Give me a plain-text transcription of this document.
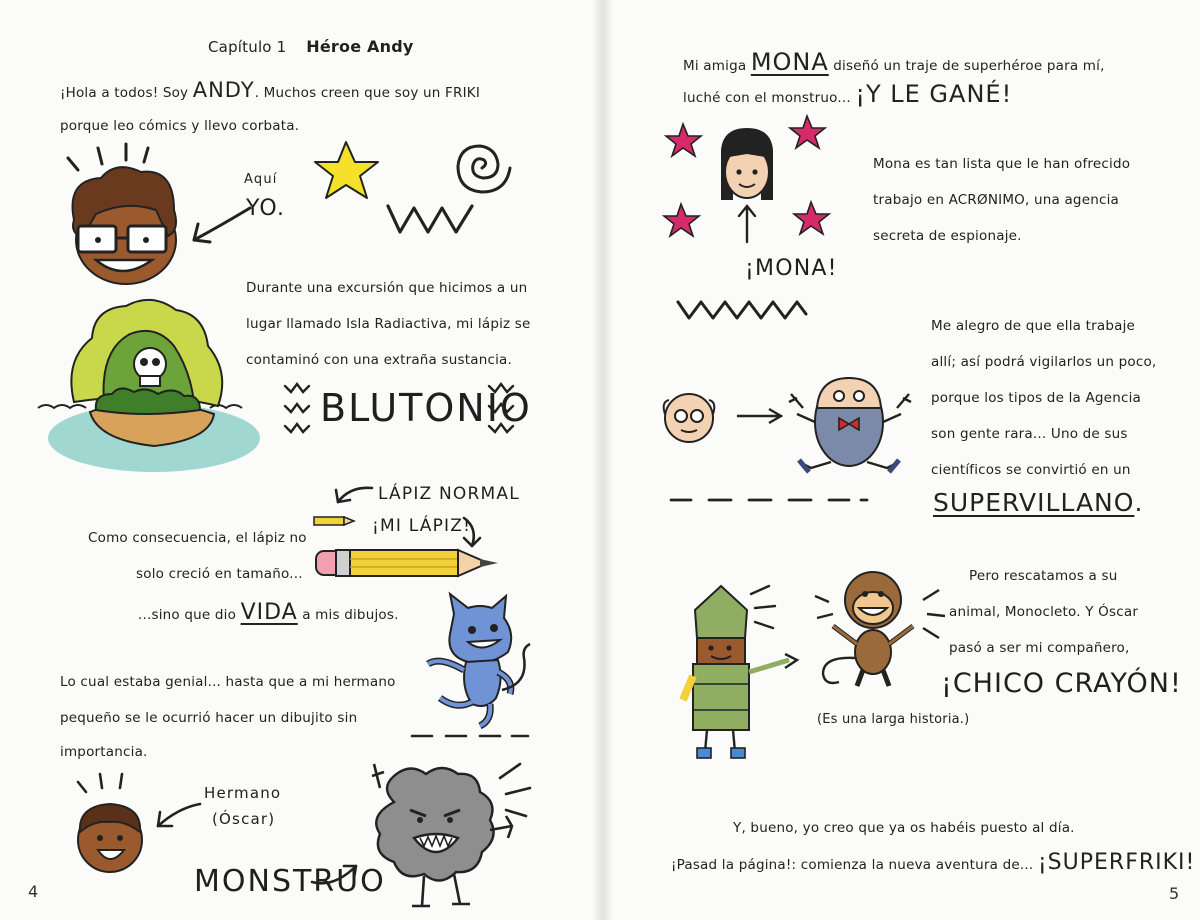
Capítulo 1 Héroe Andy
¡Hola a todos! Soy ANDY. Muchos creen que soy un FRIKI
porque leo cómics y llevo corbata.
Aquí
YO.
Durante una excursión que hicimos a un
lugar llamado Isla Radiactiva, mi lápiz se
contaminó con una extraña sustancia.
BLUTONIO
LÁPIZ NORMAL
¡MI LÁPIZ!
Como consecuencia, el lápiz no
solo creció en tamaño...
...sino que dio VIDA a mis dibujos.
Lo cual estaba genial... hasta que a mi hermano
pequeño se le ocurrió hacer un dibujito sin
importancia.
Hermano
(Óscar)
MONSTRUO
4
Mi amiga MONA diseñó un traje de superhéroe para mí,
luché con el monstruo... ¡Y LE GANÉ!
¡MONA!
Mona es tan lista que le han ofrecido
trabajo en ACRØNIMO, una agencia
secreta de espionaje.
Me alegro de que ella trabaje
allí; así podrá vigilarlos un poco,
porque los tipos de la Agencia
son gente rara... Uno de sus
científicos se convirtió en un
SUPERVILLANO.
Pero rescatamos a su
animal, Monocleto. Y Óscar
pasó a ser mi compañero,
¡CHICO CRAYÓN!
(Es una larga historia.)
Y, bueno, yo creo que ya os habéis puesto al día.
¡Pasad la página!: comienza la nueva aventura de... ¡SUPERFRIKI!
5
